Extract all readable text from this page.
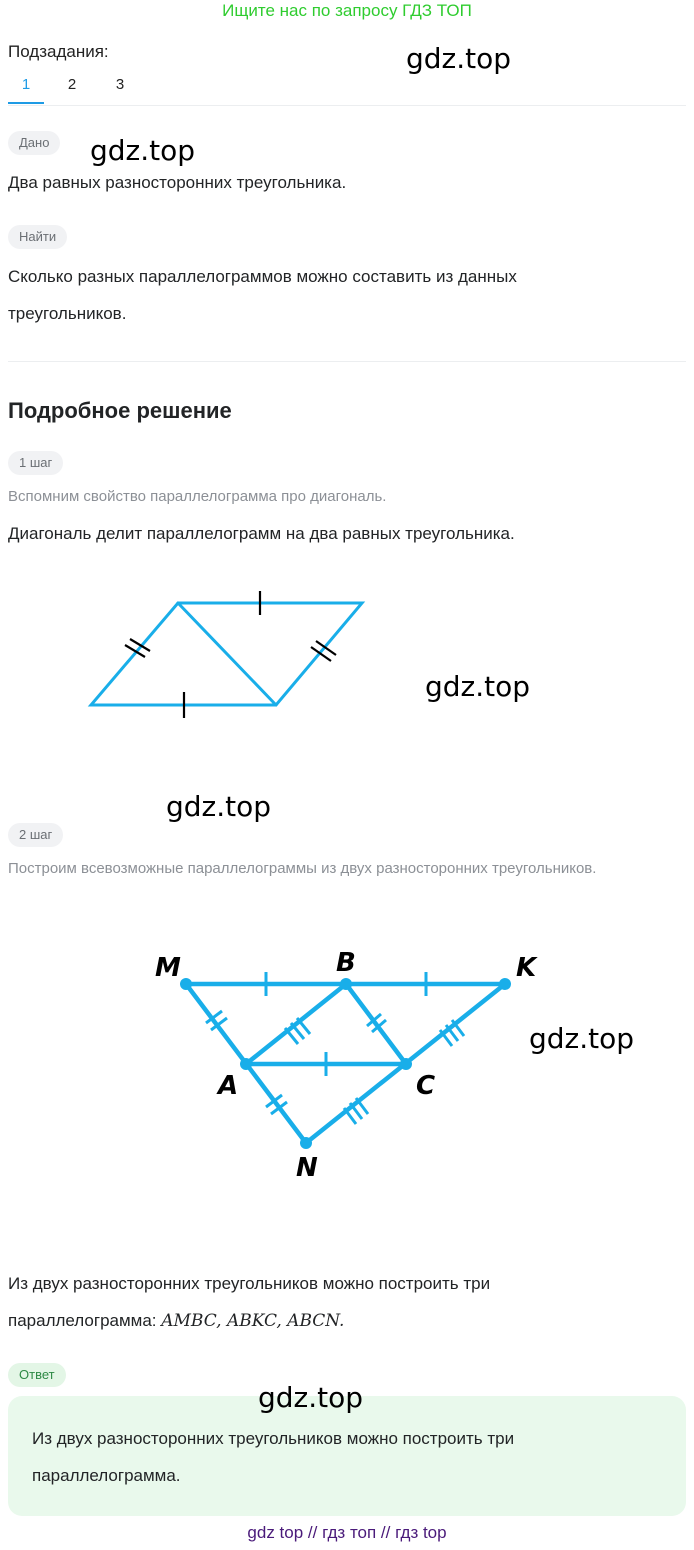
Ищите нас по запросу ГДЗ ТОП
Подзадания:	gdz.top
1	2	3
Дано	gdz.top
Два равных разносторонних треугольника.
Найти
Сколько разных параллелограммов можно составить из данных треугольников.
Подробное решение
1 шаг
Вспомним свойство параллелограмма про диагональ.
Диагональ делит параллелограмм на два равных треугольника.
gdz.top
gdz.top
2 шаг
Построим всевозможные параллелограммы из двух разносторонних треугольников.
M	B	K
A	C
N
gdz.top
Из двух разносторонних треугольников можно построить три параллелограмма: AMBC, ABKC, ABCN.
Ответ
gdz.top
Из двух разносторонних треугольников можно построить три параллелограмма.
gdz top // гдз топ // гдз top
